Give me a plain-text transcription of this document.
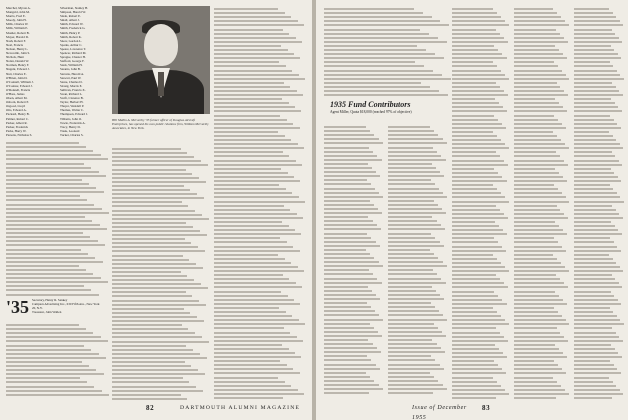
Marchel, Myron A.
Mongold, John M.
Morris, Fred E.
Moody, John H.
Mills, Charles W.
Mills, William E.
Mosher, Robert B.
Moyer, Harold D.
Nash, Robert F.
Neal, Francis
Nelson, Henry L.
Newcomb, John S.
Nichols, Hunt
Nolen, Donald W.
Norman, Henry F.
Nugent, Edward J.
Nutt, Charles E.
O'Brien, John D.
O'Connell, William J.
O'Connor, Edward J.
O'Donnell, Francis
O'Hara, James
Olsen, Albert M.
Osborn, Robert P.
Osgood, Lloyd
Otis, Edward A.
Packard, Henry B.
Palmer, Robert C.
Parker, Albert R.
Parker, Frederick
Parks, Harry W.
Parsons, Nicholas S.
Silverman, Stanley H.
Simpson, Harold W.
Slade, Robert E.
Small, Albert J.
Smith, Edward W.
Smith, Frederick G.
Smith, Henry P.
Smith, Robert K.
Snow, Gordon L.
Sparks, Arthur C.
Speare, Lawrence T.
Spencer, Richard M.
Sprague, Chester H.
Stafford, George F.
Stark, William H.
Stearns, John B.
Stevens, Harold A.
Stewart, Paul W.
Stone, Charles D.
Strong, Morris E.
Sullivan, Francis X.
Swan, Richard L.
Swift, Clarence B.
Taylor, Herbert H.
Thayer, Wendell P.
Thomas, Walter C.
Thompson, Edward J.
Tibbetts, John O.
Towle, Frederick A.
Tracy, Henry D.
Trask, Leonard
Tucker, Charles S.
Hill Mullin A. McCarthy '35 former officer of Douglas Aircraft Enterprises, has opened his own public relations firm, William McCarthy Associates, in New York.
'35 Secretary, Henry R. Sankey
Campion Advertising Inc., 630 Fifth Ave., New York 20, N.Y.
Treasurer, John Wallen
82	DARTMOUTH ALUMNI MAGAZINE
1935 Fund Contributors
Agent Miller, Quota $18,000 (reached 97% of objective)
Issue of December 1955
83
